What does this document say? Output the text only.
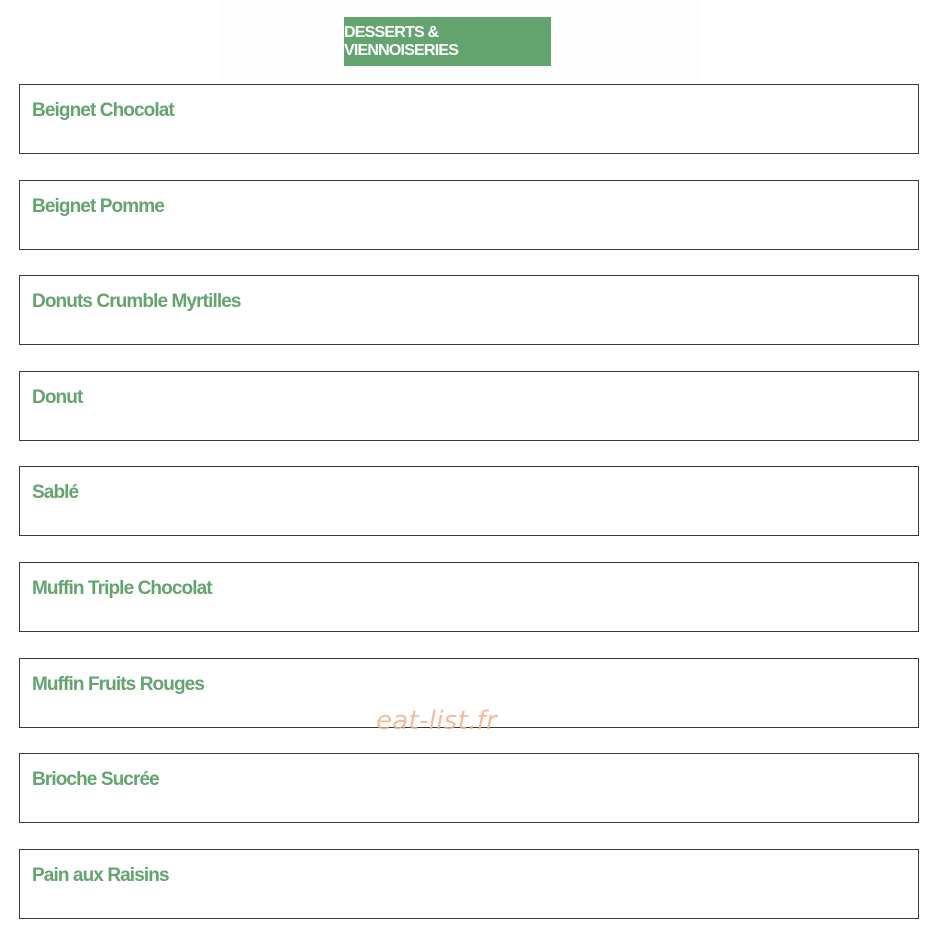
DESSERTS & VIENNOISERIES
Beignet Chocolat
Beignet Pomme
Donuts Crumble Myrtilles
Donut
Sablé
Muffin Triple Chocolat
Muffin Fruits Rouges
Brioche Sucrée
Pain aux Raisins
eat-list.fr
